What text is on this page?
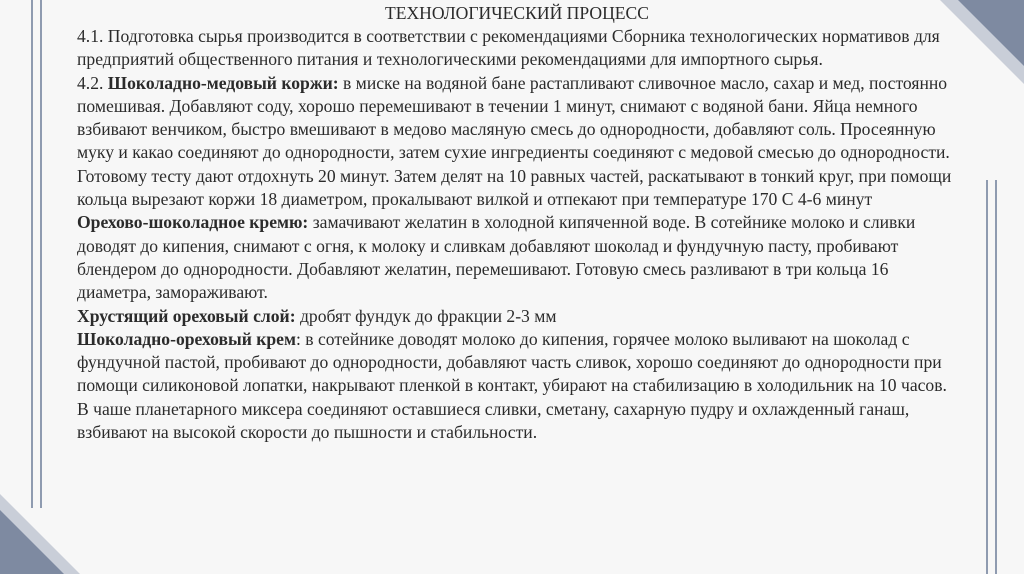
ТЕХНОЛОГИЧЕСКИЙ ПРОЦЕСС

4.1. Подготовка сырья производится в соответствии с рекомендациями Сборника технологических нормативов для предприятий общественного питания и технологическими рекомендациями для импортного сырья.

4.2. Шоколадно-медовый коржи: в миске на водяной бане растапливают сливочное масло, сахар и мед, постоянно помешивая. Добавляют соду, хорошо перемешивают в течении 1 минут, снимают с водяной бани. Яйца немного взбивают венчиком, быстро вмешивают в медово масляную смесь до однородности, добавляют соль. Просеянную муку и какао соединяют до однородности, затем сухие ингредиенты соединяют с медовой смесью до однородности. Готовому тесту дают отдохнуть 20 минут. Затем делят на 10 равных частей, раскатывают в тонкий круг, при помощи кольца вырезают коржи 18 диаметром, прокалывают вилкой и отпекают при температуре 170 С 4-6 минут

Орехово-шоколадное кремю: замачивают желатин в холодной кипяченной воде. В сотейнике молоко и сливки доводят до кипения, снимают с огня, к молоку и сливкам добавляют шоколад и фундучную пасту, пробивают блендером до однородности. Добавляют желатин, перемешивают. Готовую смесь разливают в три кольца 16 диаметра, замораживают.

Хрустящий ореховый слой: дробят фундук до фракции 2-3 мм

Шоколадно-ореховый крем: в сотейнике доводят молоко до кипения, горячее молоко выливают на шоколад с фундучной пастой, пробивают до однородности, добавляют часть сливок, хорошо соединяют до однородности при помощи силиконовой лопатки, накрывают пленкой в контакт, убирают на стабилизацию в холодильник на 10 часов. В чаше планетарного миксера соединяют оставшиеся сливки, сметану, сахарную пудру и охлажденный ганаш, взбивают на высокой скорости до пышности и стабильности.
